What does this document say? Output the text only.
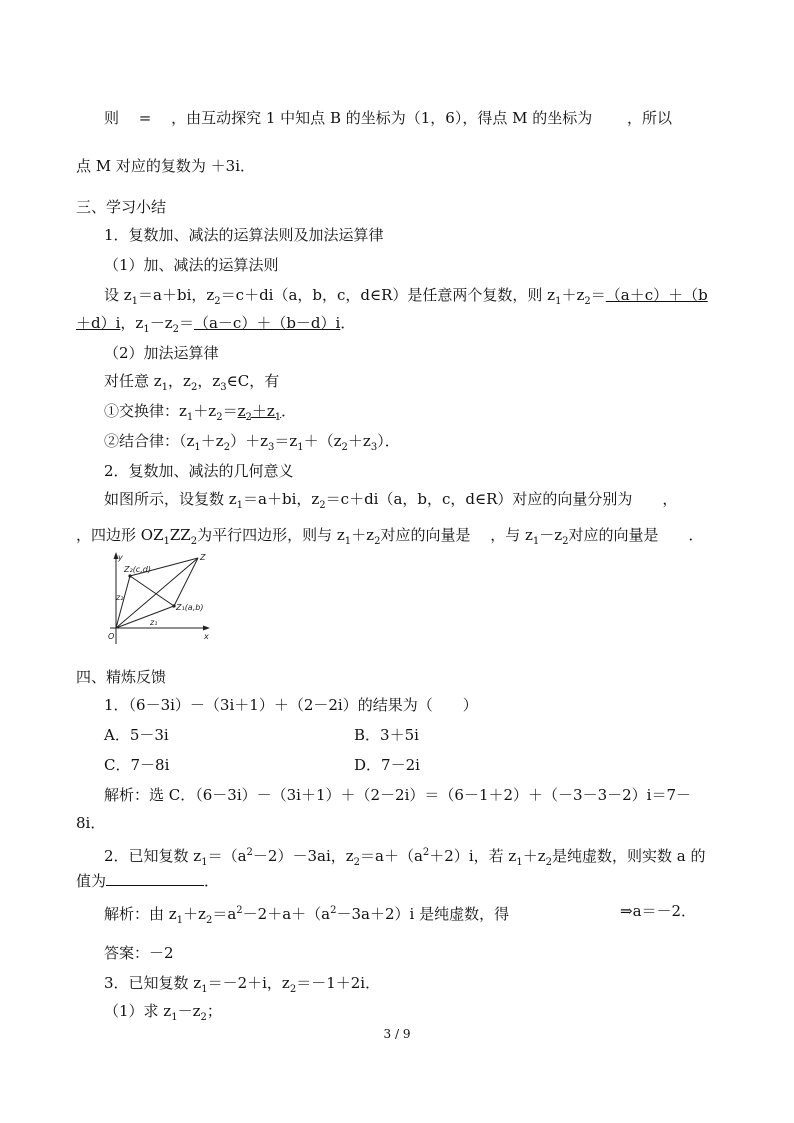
则　 =　 ，由互动探究 1 中知点 B 的坐标为（1，6），得点 M 的坐标为　　 ，所以
点 M 对应的复数为 ＋3i．
三、学习小结
1．复数加、减法的运算法则及加法运算律
（1）加、减法的运算法则
设 $z_1=a+bi$，$z_2=c+di(a$，b，c，d∈R）是任意两个复数，则 $z_1+z_2=(a+c)+(b$
＋d）i，$z_1-z_2=(a-c)+(b-d)i$．
（2）加法运算律
对任意 $z_1$，$z_2$，$z_3\in C$，有
①交换律：$z_1+z_2=z_2+z_1$．
②结合律：$(z_1+z_2)+z_3=z_1+(z_2+z_3)$．
2．复数加、减法的几何意义
如图所示，设复数 $z_1=a+bi$，$z_2=c+di(a$，b，c，d∈R）对应的向量分别为　　，
，四边形 $OZ_1ZZ_2$为平行四边形，则与 $z_1+z_2$对应的向量是　 ，与 $z_1-z_2$对应的向量是　　．
y
x
O
Z
Z₂(c,d)
Z₁(a,b)
z₂
z₁
四、精炼反馈
1．（6－3i）－（3i＋1）＋（2－2i）的结果为（　　）
A．5－3i	B．3＋5i
C．7－8i	D．7－2i
解析：选 C．（6－3i）－（3i＋1）＋（2－2i）＝（6－1＋2）＋（－3－3－2）i＝7－
8i．
2．已知复数 $z_1=(a^2-2)-3ai$，$z_2=a+(a^2+2)i$，若 $z_1+z_2$是纯虚数，则实数 a 的
值为	．
解析：由 $z_1+z_2=a^2-2+a+(a^2-3a+2)i$ 是纯虚数，得	⇒a＝－2．
答案：－2
3．已知复数 $z_1=-2+i$，$z_2=-1+2i$．
（1）求 $z_1-z_2$；
3 / 9
